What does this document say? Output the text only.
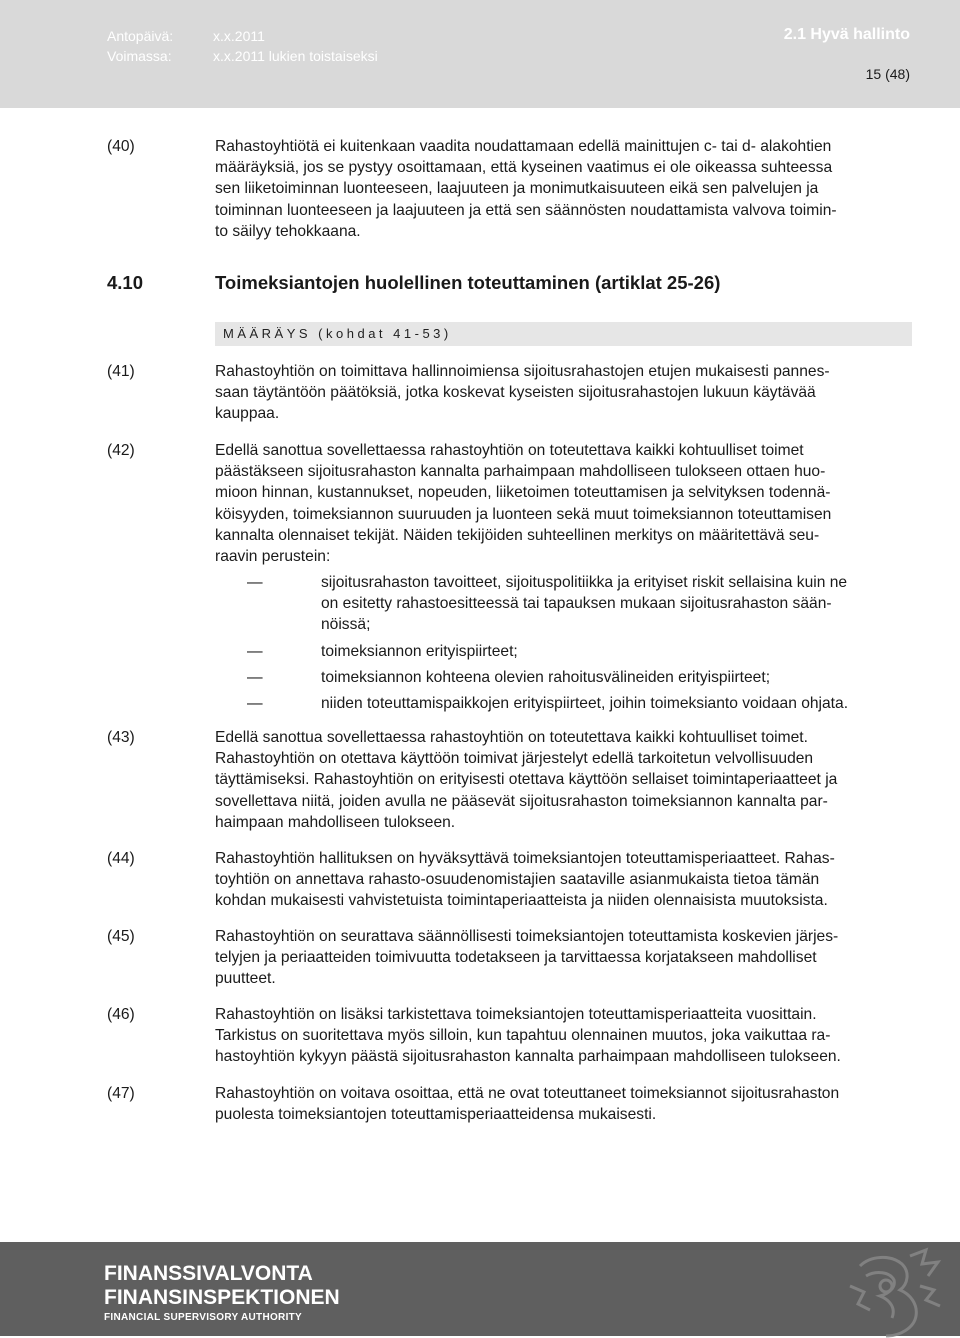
Antopäivä:	x.x.2011
Voimassa:	x.x.2011 lukien toistaiseksi
2.1 Hyvä hallinto
15 (48)
(40)	Rahastoyhtiötä ei kuitenkaan vaadita noudattamaan edellä mainittujen c- tai d- alakohtien
määräyksiä, jos se pystyy osoittamaan, että kyseinen vaatimus ei ole oikeassa suhteessa
sen liiketoiminnan luonteeseen, laajuuteen ja monimutkaisuuteen eikä sen palvelujen ja
toiminnan luonteeseen ja laajuuteen ja että sen säännösten noudattamista valvova toimin-
to säilyy tehokkaana.
4.10	Toimeksiantojen huolellinen toteuttaminen (artiklat 25-26)
MÄÄRÄYS (kohdat 41-53)
(41)	Rahastoyhtiön on toimittava hallinnoimiensa sijoitusrahastojen etujen mukaisesti pannes-
saan täytäntöön päätöksiä, jotka koskevat kyseisten sijoitusrahastojen lukuun käytävää
kauppaa.
(42)	Edellä sanottua sovellettaessa rahastoyhtiön on toteutettava kaikki kohtuulliset toimet
päästäkseen sijoitusrahaston kannalta parhaimpaan mahdolliseen tulokseen ottaen huo-
mioon hinnan, kustannukset, nopeuden, liiketoimen toteuttamisen ja selvityksen todennä-
köisyyden, toimeksiannon suuruuden ja luonteen sekä muut toimeksiannon toteuttamisen
kannalta olennaiset tekijät. Näiden tekijöiden suhteellinen merkitys on määritettävä seu-
raavin perustein:
—	sijoitusrahaston tavoitteet, sijoituspolitiikka ja erityiset riskit sellaisina kuin ne
on esitetty rahastoesitteessä tai tapauksen mukaan sijoitusrahaston sään-
nöissä;
—	toimeksiannon erityispiirteet;
—	toimeksiannon kohteena olevien rahoitusvälineiden erityispiirteet;
—	niiden toteuttamispaikkojen erityispiirteet, joihin toimeksianto voidaan ohjata.
(43)	Edellä sanottua sovellettaessa rahastoyhtiön on toteutettava kaikki kohtuulliset toimet.
Rahastoyhtiön on otettava käyttöön toimivat järjestelyt edellä tarkoitetun velvollisuuden
täyttämiseksi. Rahastoyhtiön on erityisesti otettava käyttöön sellaiset toimintaperiaatteet ja
sovellettava niitä, joiden avulla ne pääsevät sijoitusrahaston toimeksiannon kannalta par-
haimpaan mahdolliseen tulokseen.
(44)	Rahastoyhtiön hallituksen on hyväksyttävä toimeksiantojen toteuttamisperiaatteet. Rahas-
toyhtiön on annettava rahasto-osuudenomistajien saataville asianmukaista tietoa tämän
kohdan mukaisesti vahvistetuista toimintaperiaatteista ja niiden olennaisista muutoksista.
(45)	Rahastoyhtiön on seurattava säännöllisesti toimeksiantojen toteuttamista koskevien järjes-
telyjen ja periaatteiden toimivuutta todetakseen ja tarvittaessa korjatakseen mahdolliset
puutteet.
(46)	Rahastoyhtiön on lisäksi tarkistettava toimeksiantojen toteuttamisperiaatteita vuosittain.
Tarkistus on suoritettava myös silloin, kun tapahtuu olennainen muutos, joka vaikuttaa ra-
hastoyhtiön kykyyn päästä sijoitusrahaston kannalta parhaimpaan mahdolliseen tulokseen.
(47)	Rahastoyhtiön on voitava osoittaa, että ne ovat toteuttaneet toimeksiannot sijoitusrahaston
puolesta toimeksiantojen toteuttamisperiaatteidensa mukaisesti.
FINANSSIVALVONTA
FINANSINSPEKTIONEN
FINANCIAL SUPERVISORY AUTHORITY
